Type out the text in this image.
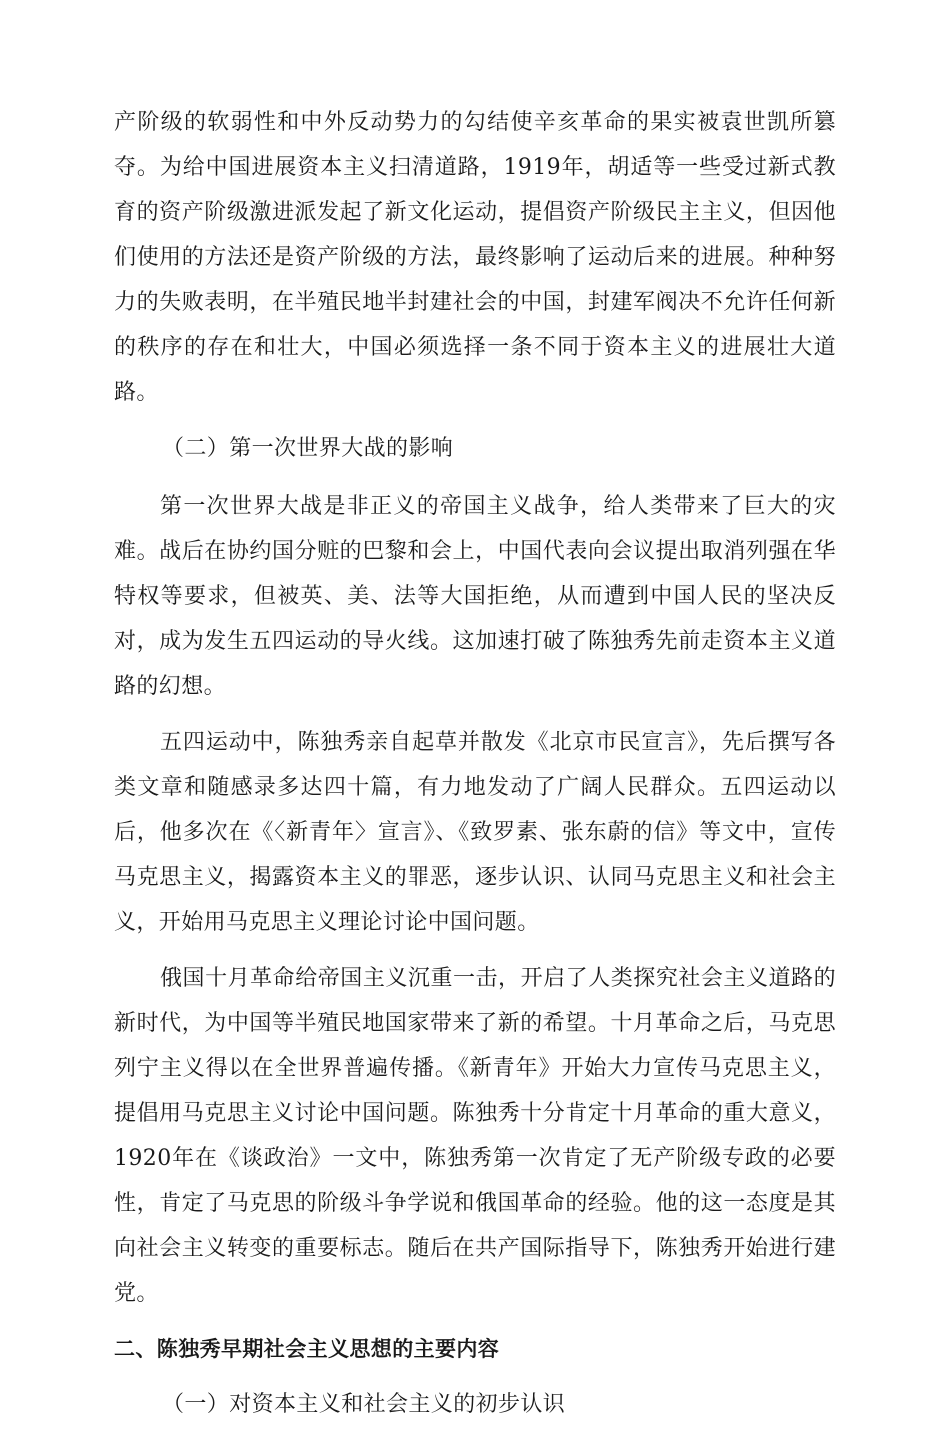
产阶级的软弱性和中外反动势力的勾结使辛亥革命的果实被袁世凯所篡夺。为给中国进展资本主义扫清道路，1919年，胡适等一些受过新式教育的资产阶级激进派发起了新文化运动，提倡资产阶级民主主义，但因他们使用的方法还是资产阶级的方法，最终影响了运动后来的进展。种种努力的失败表明，在半殖民地半封建社会的中国，封建军阀决不允许任何新的秩序的存在和壮大，中国必须选择一条不同于资本主义的进展壮大道路。

（二）第一次世界大战的影响

第一次世界大战是非正义的帝国主义战争，给人类带来了巨大的灾难。战后在协约国分赃的巴黎和会上，中国代表向会议提出取消列强在华特权等要求，但被英、美、法等大国拒绝，从而遭到中国人民的坚决反对，成为发生五四运动的导火线。这加速打破了陈独秀先前走资本主义道路的幻想。

五四运动中，陈独秀亲自起草并散发《北京市民宣言》，先后撰写各类文章和随感录多达四十篇，有力地发动了广阔人民群众。五四运动以后，他多次在《〈新青年〉宣言》、《致罗素、张东蔚的信》等文中，宣传马克思主义，揭露资本主义的罪恶，逐步认识、认同马克思主义和社会主义，开始用马克思主义理论讨论中国问题。

俄国十月革命给帝国主义沉重一击，开启了人类探究社会主义道路的新时代，为中国等半殖民地国家带来了新的希望。十月革命之后，马克思列宁主义得以在全世界普遍传播。《新青年》开始大力宣传马克思主义，提倡用马克思主义讨论中国问题。陈独秀十分肯定十月革命的重大意义，1920年在《谈政治》一文中，陈独秀第一次肯定了无产阶级专政的必要性，肯定了马克思的阶级斗争学说和俄国革命的经验。他的这一态度是其向社会主义转变的重要标志。随后在共产国际指导下，陈独秀开始进行建党。

二、陈独秀早期社会主义思想的主要内容

（一）对资本主义和社会主义的初步认识
